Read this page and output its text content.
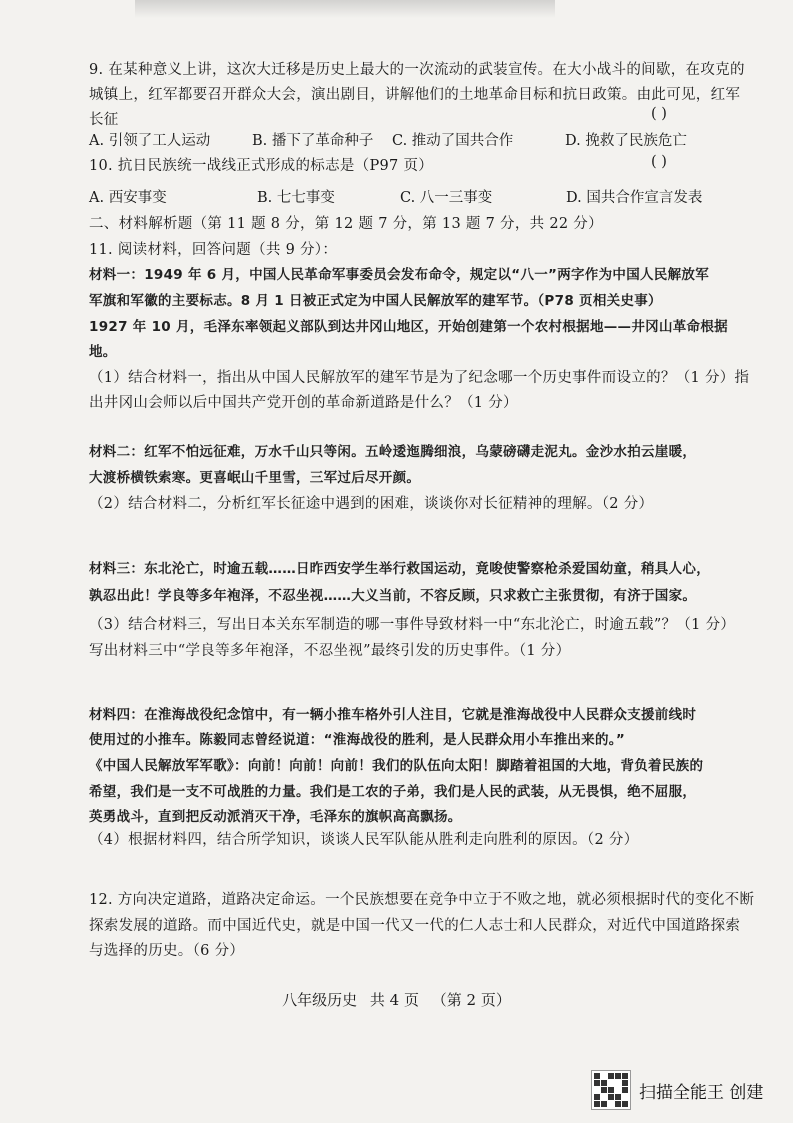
9. 在某种意义上讲，这次大迁移是历史上最大的一次流动的武装宣传。在大小战斗的间歇，在攻克的
城镇上，红军都要召开群众大会，演出剧目，讲解他们的土地革命目标和抗日政策。由此可见，红军
长征	( )
A. 引领了工人运动	B. 播下了革命种子 C. 推动了国共合作	D. 挽救了民族危亡
10. 抗日民族统一战线正式形成的标志是（P97 页）	( )
A. 西安事变	B. 七七事变	C. 八一三事变	D. 国共合作宣言发表
二、材料解析题（第 11 题 8 分，第 12 题 7 分，第 13 题 7 分，共 22 分）
11. 阅读材料，回答问题（共 9 分）：
材料一：1949 年 6 月，中国人民革命军事委员会发布命令，规定以“八一”两字作为中国人民解放军
军旗和军徽的主要标志。8 月 1 日被正式定为中国人民解放军的建军节。（P78 页相关史事）
1927 年 10 月，毛泽东率领起义部队到达井冈山地区，开始创建第一个农村根据地——井冈山革命根据
地。
（1）结合材料一，指出从中国人民解放军的建军节是为了纪念哪一个历史事件而设立的？（1 分）指
出井冈山会师以后中国共产党开创的革命新道路是什么？（1 分）
材料二：红军不怕远征难，万水千山只等闲。五岭逶迤腾细浪，乌蒙磅礴走泥丸。金沙水拍云崖暖，
大渡桥横铁索寒。更喜岷山千里雪，三军过后尽开颜。
（2）结合材料二，分析红军长征途中遇到的困难，谈谈你对长征精神的理解。（2 分）
材料三：东北沦亡，时逾五载……日昨西安学生举行救国运动，竟唆使警察枪杀爱国幼童，稍具人心，
孰忍出此！学良等多年袍泽，不忍坐视……大义当前，不容反顾，只求救亡主张贯彻，有济于国家。
（3）结合材料三，写出日本关东军制造的哪一事件导致材料一中“东北沦亡，时逾五载”？（1 分）
写出材料三中“学良等多年袍泽，不忍坐视”最终引发的历史事件。（1 分）
材料四：在淮海战役纪念馆中，有一辆小推车格外引人注目，它就是淮海战役中人民群众支援前线时
使用过的小推车。陈毅同志曾经说道：“淮海战役的胜利，是人民群众用小车推出来的。”
《中国人民解放军军歌》：向前！向前！向前！我们的队伍向太阳！脚踏着祖国的大地，背负着民族的
希望，我们是一支不可战胜的力量。我们是工农的子弟，我们是人民的武装，从无畏惧，绝不屈服，
英勇战斗，直到把反动派消灭干净，毛泽东的旗帜高高飘扬。
（4）根据材料四，结合所学知识，谈谈人民军队能从胜利走向胜利的原因。（2 分）
12. 方向决定道路，道路决定命运。一个民族想要在竞争中立于不败之地，就必须根据时代的变化不断
探索发展的道路。而中国近代史，就是中国一代又一代的仁人志士和人民群众，对近代中国道路探索
与选择的历史。（6 分）
八年级历史 共 4 页 （第 2 页）
扫描全能王 创建
